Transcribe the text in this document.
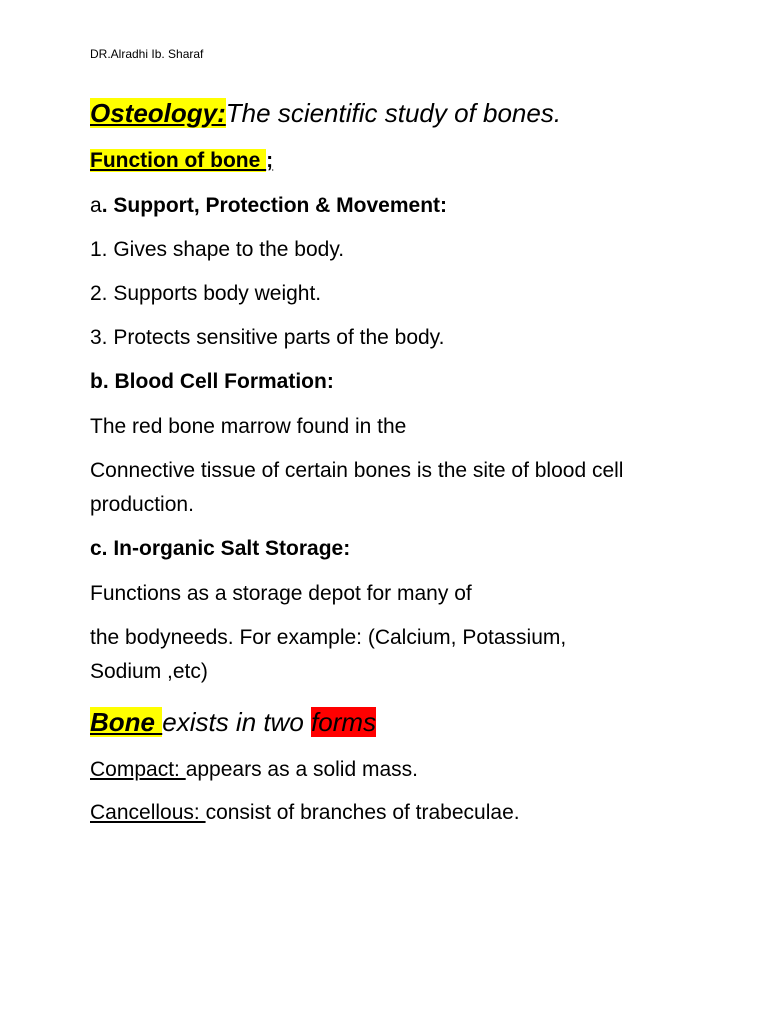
DR.Alradhi Ib. Sharaf
Osteology:The scientific study of bones.
Function of bone ;
a. Support, Protection & Movement:
1. Gives shape to the body.
2. Supports body weight.
3. Protects sensitive parts of the body.
b. Blood Cell Formation:
The red bone marrow found in the
Connective tissue of certain bones is the site of blood cell
production.
c. In-organic Salt Storage:
Functions as a storage depot for many of
the bodyneeds. For example: (Calcium, Potassium,
Sodium ,etc)
Bone exists in two forms
Compact: appears as a solid mass.
Cancellous: consist of branches of trabeculae.
